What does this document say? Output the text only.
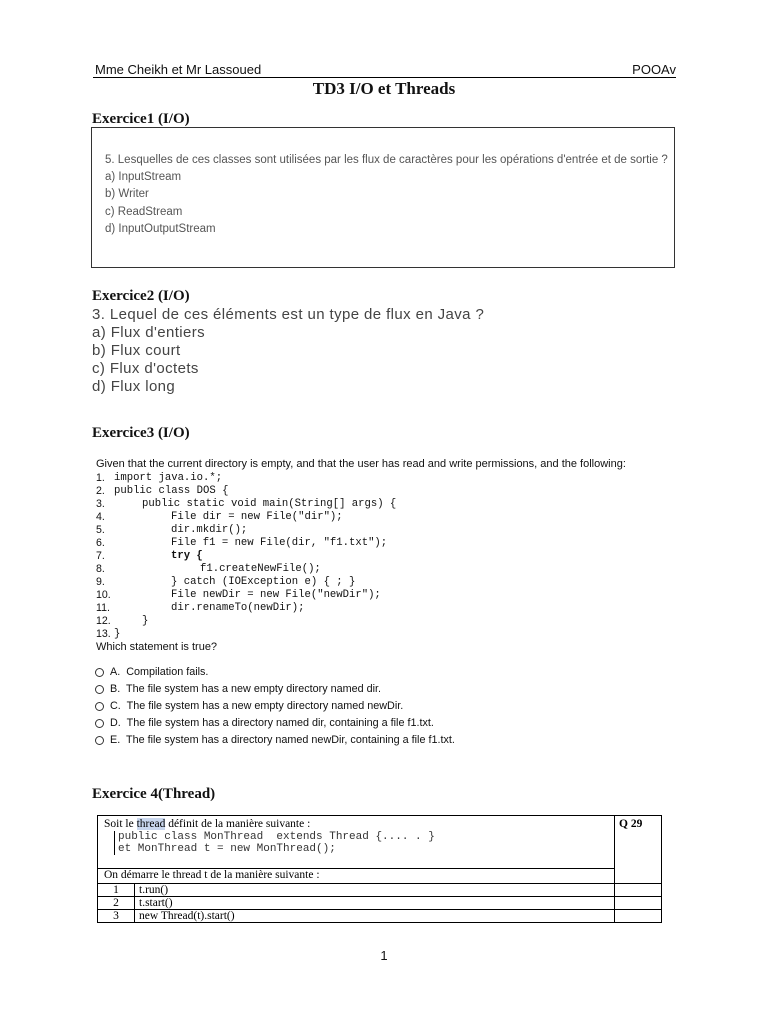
Mme Cheikh et Mr Lassoued	POOAv
TD3 I/O et Threads
Exercice1 (I/O)
5. Lesquelles de ces classes sont utilisées par les flux de caractères pour les opérations d'entrée et de sortie ?
a) InputStream
b) Writer
c) ReadStream
d) InputOutputStream
Exercice2 (I/O)
3. Lequel de ces éléments est un type de flux en Java ?
a) Flux d'entiers
b) Flux court
c) Flux d'octets
d) Flux long
Exercice3 (I/O)
Given that the current directory is empty, and that the user has read and write permissions, and the following:
1. import java.io.*;
2. public class DOS {
3.	public static void main(String[] args) {
4.	File dir = new File("dir");
5.	dir.mkdir();
6.	File f1 = new File(dir, "f1.txt");
7.	try {
8.	f1.createNewFile();
9.	} catch (IOException e) { ; }
10.	File newDir = new File("newDir");
11.	dir.renameTo(newDir);
12.	}
13. }
Which statement is true?
A.  Compilation fails.
B.  The file system has a new empty directory named dir.
C.  The file system has a new empty directory named newDir.
D.  The file system has a directory named dir, containing a file f1.txt.
E.  The file system has a directory named newDir, containing a file f1.txt.
Exercice 4(Thread)
Soit le thread définit de la manière suivante :
public class MonThread  extends Thread {.... . }
et MonThread t = new MonThread();		Q 29
On démarre le thread t de la manière suivante :		
1	t.run()	
2	t.start()	
3	new Thread(t).start()	
1
